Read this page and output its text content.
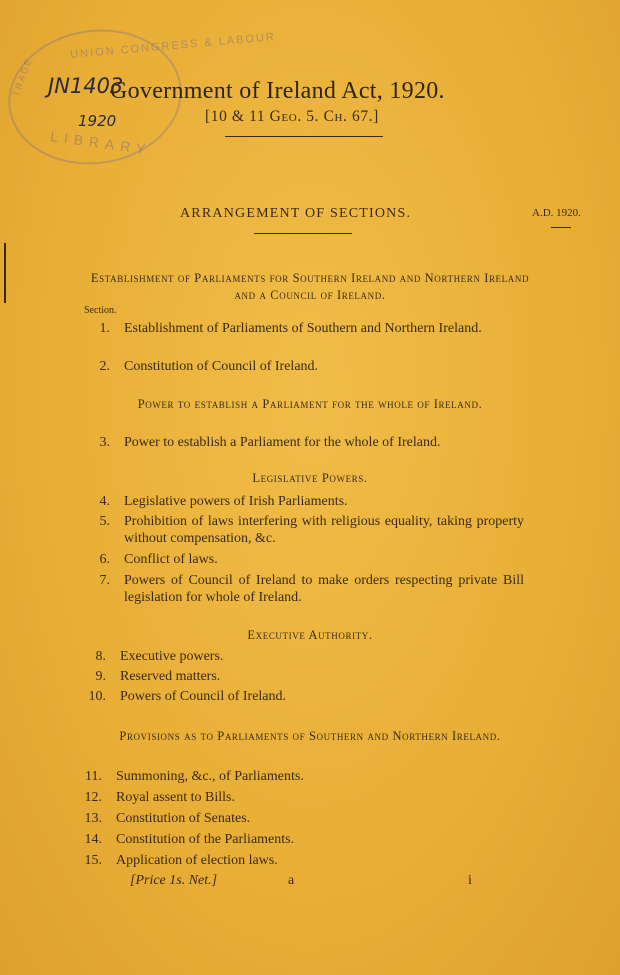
UNION CONGRESS & LABOUR
TRADE
LIBRARY
JN1403
1920
Government of Ireland Act, 1920.
[10 & 11 Geo. 5. Ch. 67.]
ARRANGEMENT OF SECTIONS.	A.D. 1920.
Establishment of Parliaments for Southern Ireland and Northern Ireland and a Council of Ireland.
Section.
1. Establishment of Parliaments of Southern and Northern Ireland.
2. Constitution of Council of Ireland.
Power to establish a Parliament for the whole of Ireland.
3. Power to establish a Parliament for the whole of Ireland.
Legislative Powers.
4. Legislative powers of Irish Parliaments.
5. Prohibition of laws interfering with religious equality, taking property without compensation, &c.
6. Conflict of laws.
7. Powers of Council of Ireland to make orders respecting private Bill legislation for whole of Ireland.
Executive Authority.
8. Executive powers.
9. Reserved matters.
10. Powers of Council of Ireland.
Provisions as to Parliaments of Southern and Northern Ireland.
11. Summoning, &c., of Parliaments.
12. Royal assent to Bills.
13. Constitution of Senates.
14. Constitution of the Parliaments.
15. Application of election laws.
[Price 1s. Net.]	a	i
